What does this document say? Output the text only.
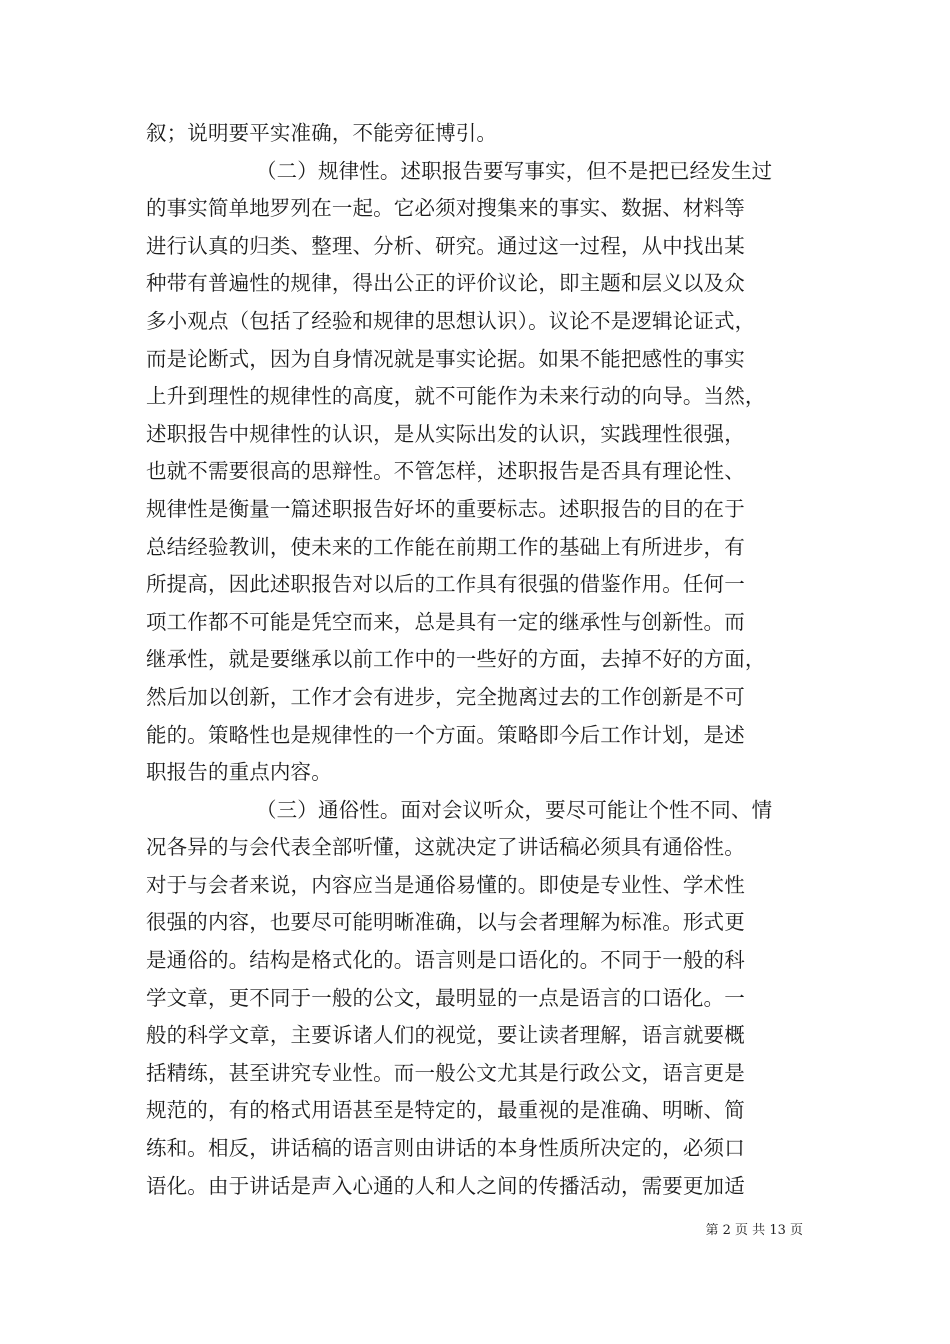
叙；说明要平实准确，不能旁征博引。
（二）规律性。述职报告要写事实，但不是把已经发生过
的事实简单地罗列在一起。它必须对搜集来的事实、数据、材料等
进行认真的归类、整理、分析、研究。通过这一过程，从中找出某
种带有普遍性的规律，得出公正的评价议论，即主题和层义以及众
多小观点（包括了经验和规律的思想认识）。议论不是逻辑论证式，
而是论断式，因为自身情况就是事实论据。如果不能把感性的事实
上升到理性的规律性的高度，就不可能作为未来行动的向导。当然，
述职报告中规律性的认识，是从实际出发的认识，实践理性很强，
也就不需要很高的思辩性。不管怎样，述职报告是否具有理论性、
规律性是衡量一篇述职报告好坏的重要标志。述职报告的目的在于
总结经验教训，使未来的工作能在前期工作的基础上有所进步，有
所提高，因此述职报告对以后的工作具有很强的借鉴作用。任何一
项工作都不可能是凭空而来，总是具有一定的继承性与创新性。而
继承性，就是要继承以前工作中的一些好的方面，去掉不好的方面，
然后加以创新，工作才会有进步，完全抛离过去的工作创新是不可
能的。策略性也是规律性的一个方面。策略即今后工作计划，是述
职报告的重点内容。
（三）通俗性。面对会议听众，要尽可能让个性不同、情
况各异的与会代表全部听懂，这就决定了讲话稿必须具有通俗性。
对于与会者来说，内容应当是通俗易懂的。即使是专业性、学术性
很强的内容，也要尽可能明晰准确，以与会者理解为标准。形式更
是通俗的。结构是格式化的。语言则是口语化的。不同于一般的科
学文章，更不同于一般的公文，最明显的一点是语言的口语化。一
般的科学文章，主要诉诸人们的视觉，要让读者理解，语言就要概
括精练，甚至讲究专业性。而一般公文尤其是行政公文，语言更是
规范的，有的格式用语甚至是特定的，最重视的是准确、明晰、简
练和。相反，讲话稿的语言则由讲话的本身性质所决定的，必须口
语化。由于讲话是声入心通的人和人之间的传播活动，需要更加适
第 2 页 共 13 页
